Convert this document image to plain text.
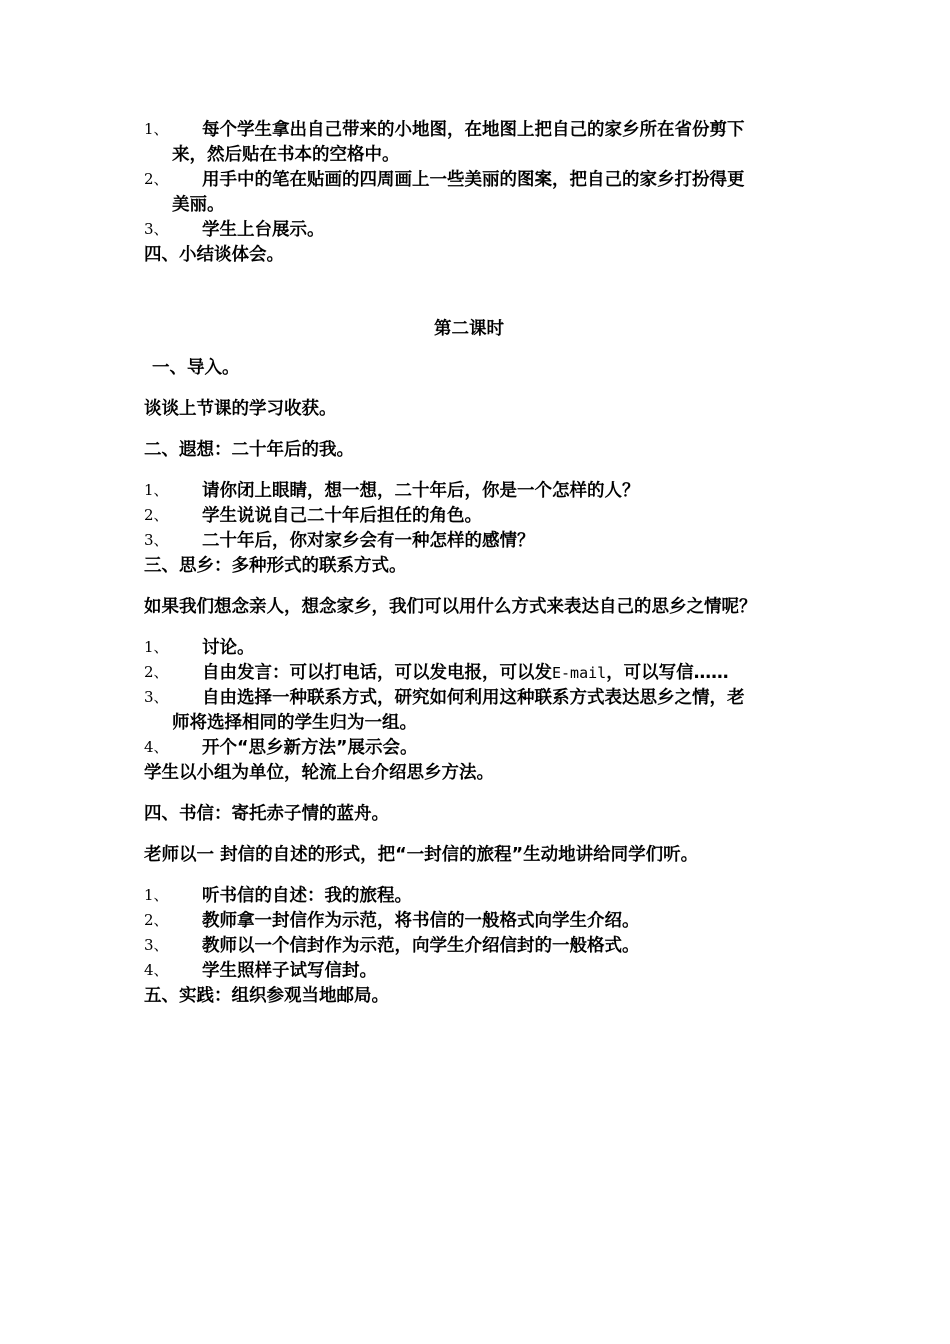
1、 每个学生拿出自己带来的小地图，在地图上把自己的家乡所在省份剪下
来，然后贴在书本的空格中。
2、 用手中的笔在贴画的四周画上一些美丽的图案，把自己的家乡打扮得更
美丽。
3、 学生上台展示。
四、小结谈体会。
第二课时
一、导入。
谈谈上节课的学习收获。
二、遐想：二十年后的我。
1、 请你闭上眼睛，想一想，二十年后，你是一个怎样的人？
2、 学生说说自己二十年后担任的角色。
3、 二十年后，你对家乡会有一种怎样的感情？
三、思乡：多种形式的联系方式。
如果我们想念亲人，想念家乡，我们可以用什么方式来表达自己的思乡之情呢？
1、 讨论。
2、 自由发言：可以打电话，可以发电报，可以发E-mail，可以写信……
3、 自由选择一种联系方式，研究如何利用这种联系方式表达思乡之情，老
师将选择相同的学生归为一组。
4、 开个“思乡新方法”展示会。
学生以小组为单位，轮流上台介绍思乡方法。
四、书信：寄托赤子情的蓝舟。
老师以一 封信的自述的形式，把“一封信的旅程”生动地讲给同学们听。
1、 听书信的自述：我的旅程。
2、 教师拿一封信作为示范，将书信的一般格式向学生介绍。
3、 教师以一个信封作为示范，向学生介绍信封的一般格式。
4、 学生照样子试写信封。
五、实践：组织参观当地邮局。
